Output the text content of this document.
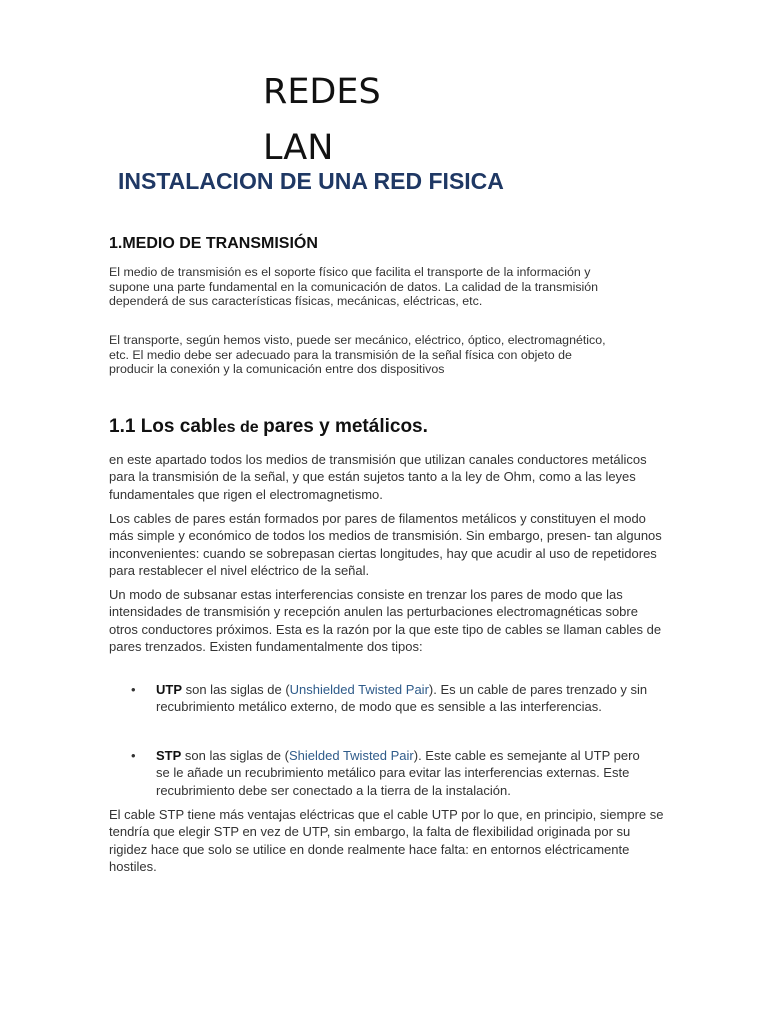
REDES
LAN
INSTALACION DE UNA RED FISICA
1.MEDIO DE TRANSMISIÓN

El medio de transmisión es el soporte físico que facilita el transporte de la información y supone una parte fundamental en la comunicación de datos. La calidad de la transmisión dependerá de sus características físicas, mecánicas, eléctricas, etc.

El transporte, según hemos visto, puede ser mecánico, eléctrico, óptico, electromagnético, etc. El medio debe ser adecuado para la transmisión de la señal física con objeto de producir la conexión y la comunicación entre dos dispositivos

1.1 Los cables de pares y metálicos.

en este apartado todos los medios de transmisión que utilizan canales conductores metálicos para la transmisión de la señal, y que están sujetos tanto a la ley de Ohm, como a las leyes fundamentales que rigen el electromagnetismo.

Los cables de pares están formados por pares de filamentos metálicos y constituyen el modo más simple y económico de todos los medios de transmisión. Sin embargo, presen- tan algunos inconvenientes: cuando se sobrepasan ciertas longitudes, hay que acudir al uso de repetidores para restablecer el nivel eléctrico de la señal.

Un modo de subsanar estas interferencias consiste en trenzar los pares de modo que las intensidades de transmisión y recepción anulen las perturbaciones electromagnéticas sobre otros conductores próximos. Esta es la razón por la que este tipo de cables se llaman cables de pares trenzados. Existen fundamentalmente dos tipos:

• UTP son las siglas de (Unshielded Twisted Pair). Es un cable de pares trenzado y sin recubrimiento metálico externo, de modo que es sensible a las interferencias.

• STP son las siglas de (Shielded Twisted Pair). Este cable es semejante al UTP pero se le añade un recubrimiento metálico para evitar las interferencias externas. Este recubrimiento debe ser conectado a la tierra de la instalación.

El cable STP tiene más ventajas eléctricas que el cable UTP por lo que, en principio, siempre se tendría que elegir STP en vez de UTP, sin embargo, la falta de flexibilidad originada por su rigidez hace que solo se utilice en donde realmente hace falta: en entornos eléctricamente hostiles.
